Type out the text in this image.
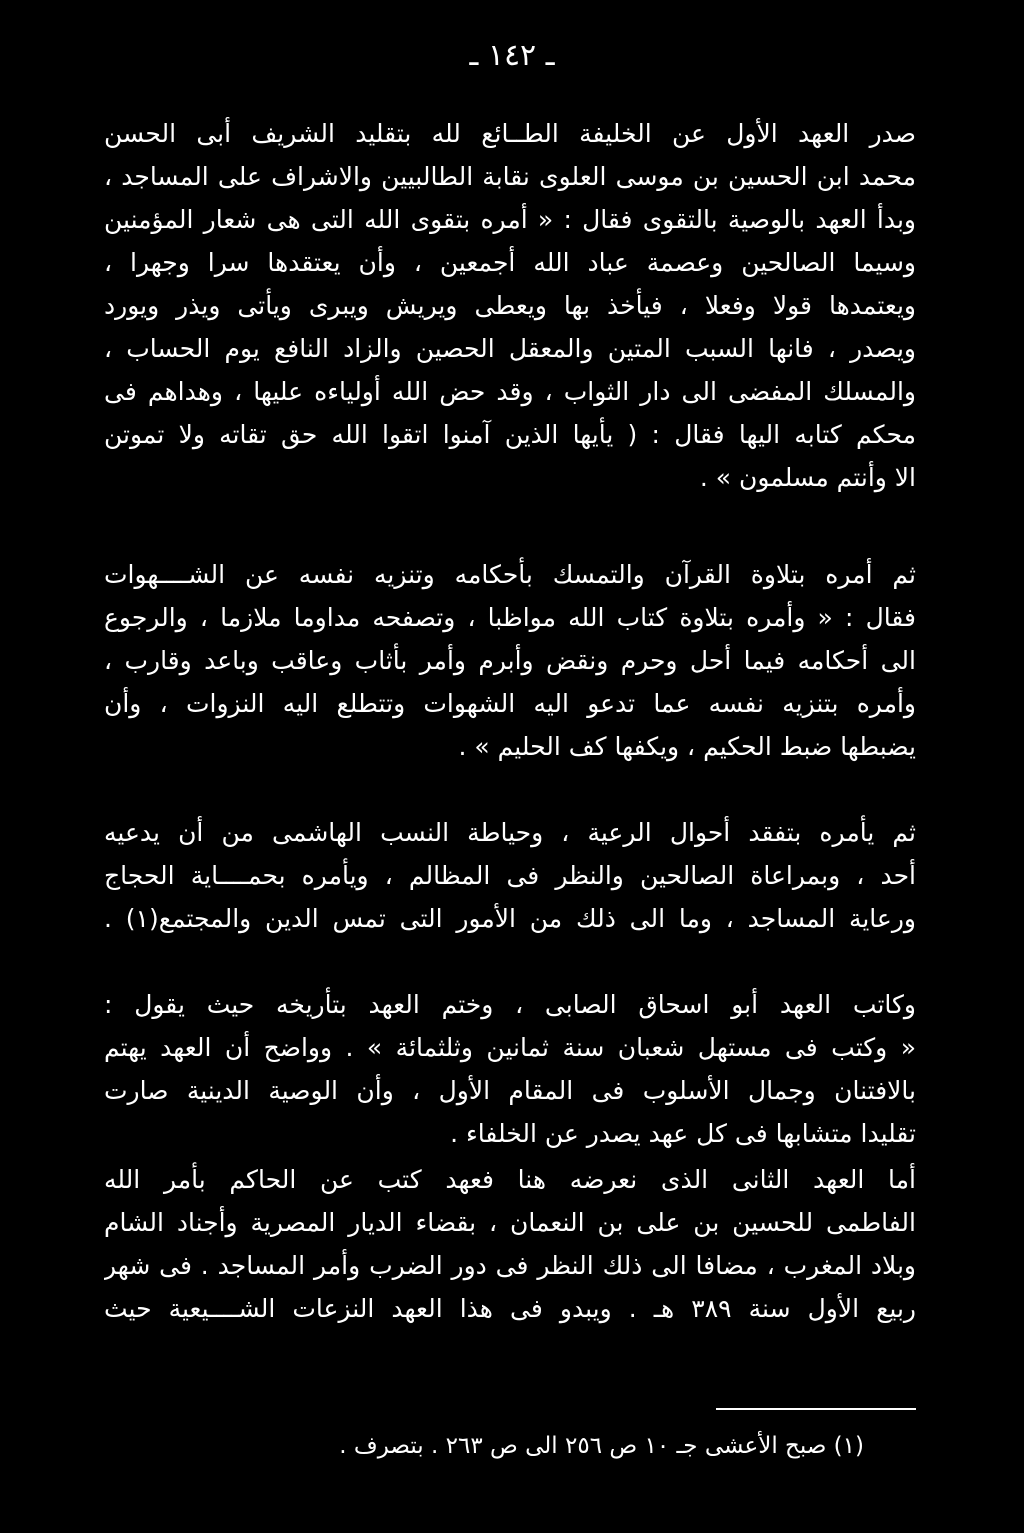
ـ ١٤٢ ـ
صدر العهد الأول عن الخليفة الطــائع لله بتقليد الشريف أبى الحسن
محمد ابن الحسين بن موسى العلوى نقابة الطالبيين والاشراف على المساجد ،
وبدأ العهد بالوصية بالتقوى فقال : « أمره بتقوى الله التى هى شعار المؤمنين
وسيما الصالحين وعصمة عباد الله أجمعين ، وأن يعتقدها سرا وجهرا ،
ويعتمدها قولا وفعلا ، فيأخذ بها ويعطى ويريش ويبرى ويأتى ويذر ويورد
ويصدر ، فانها السبب المتين والمعقل الحصين والزاد النافع يوم الحساب ،
والمسلك المفضى الى دار الثواب ، وقد حض الله أولياءه عليها ، وهداهم فى
محكم كتابه اليها فقال : ( يأيها الذين آمنوا اتقوا الله حق تقاته ولا تموتن
الا وأنتم مسلمون » .
ثم أمره بتلاوة القرآن والتمسك بأحكامه وتنزيه نفسه عن الشــــهوات
فقال : « وأمره بتلاوة كتاب الله مواظبا ، وتصفحه مداوما ملازما ، والرجوع
الى أحكامه فيما أحل وحرم ونقض وأبرم وأمر بأثاب وعاقب وباعد وقارب ،
وأمره بتنزيه نفسه عما تدعو اليه الشهوات وتتطلع اليه النزوات ، وأن
يضبطها ضبط الحكيم ، ويكفها كف الحليم » .
ثم يأمره بتفقد أحوال الرعية ، وحياطة النسب الهاشمى من أن يدعيه
أحد ، وبمراعاة الصالحين والنظر فى المظالم ، ويأمره بحمــــاية الحجاج
ورعاية المساجد ، وما الى ذلك من الأمور التى تمس الدين والمجتمع(١) .
وكاتب العهد أبو اسحاق الصابى ، وختم العهد بتأريخه حيث يقول :
« وكتب فى مستهل شعبان سنة ثمانين وثلثمائة » . وواضح أن العهد يهتم
بالافتنان وجمال الأسلوب فى المقام الأول ، وأن الوصية الدينية صارت
تقليدا متشابها فى كل عهد يصدر عن الخلفاء .
أما العهد الثانى الذى نعرضه هنا فعهد كتب عن الحاكم بأمر الله
الفاطمى للحسين بن على بن النعمان ، بقضاء الديار المصرية وأجناد الشام
وبلاد المغرب ، مضافا الى ذلك النظر فى دور الضرب وأمر المساجد . فى شهر
ربيع الأول سنة ٣٨٩ هـ . ويبدو فى هذا العهد النزعات الشــــيعية حيث
(١) صبح الأعشى جـ ١٠ ص ٢٥٦ الى ص ٢٦٣ . بتصرف .
